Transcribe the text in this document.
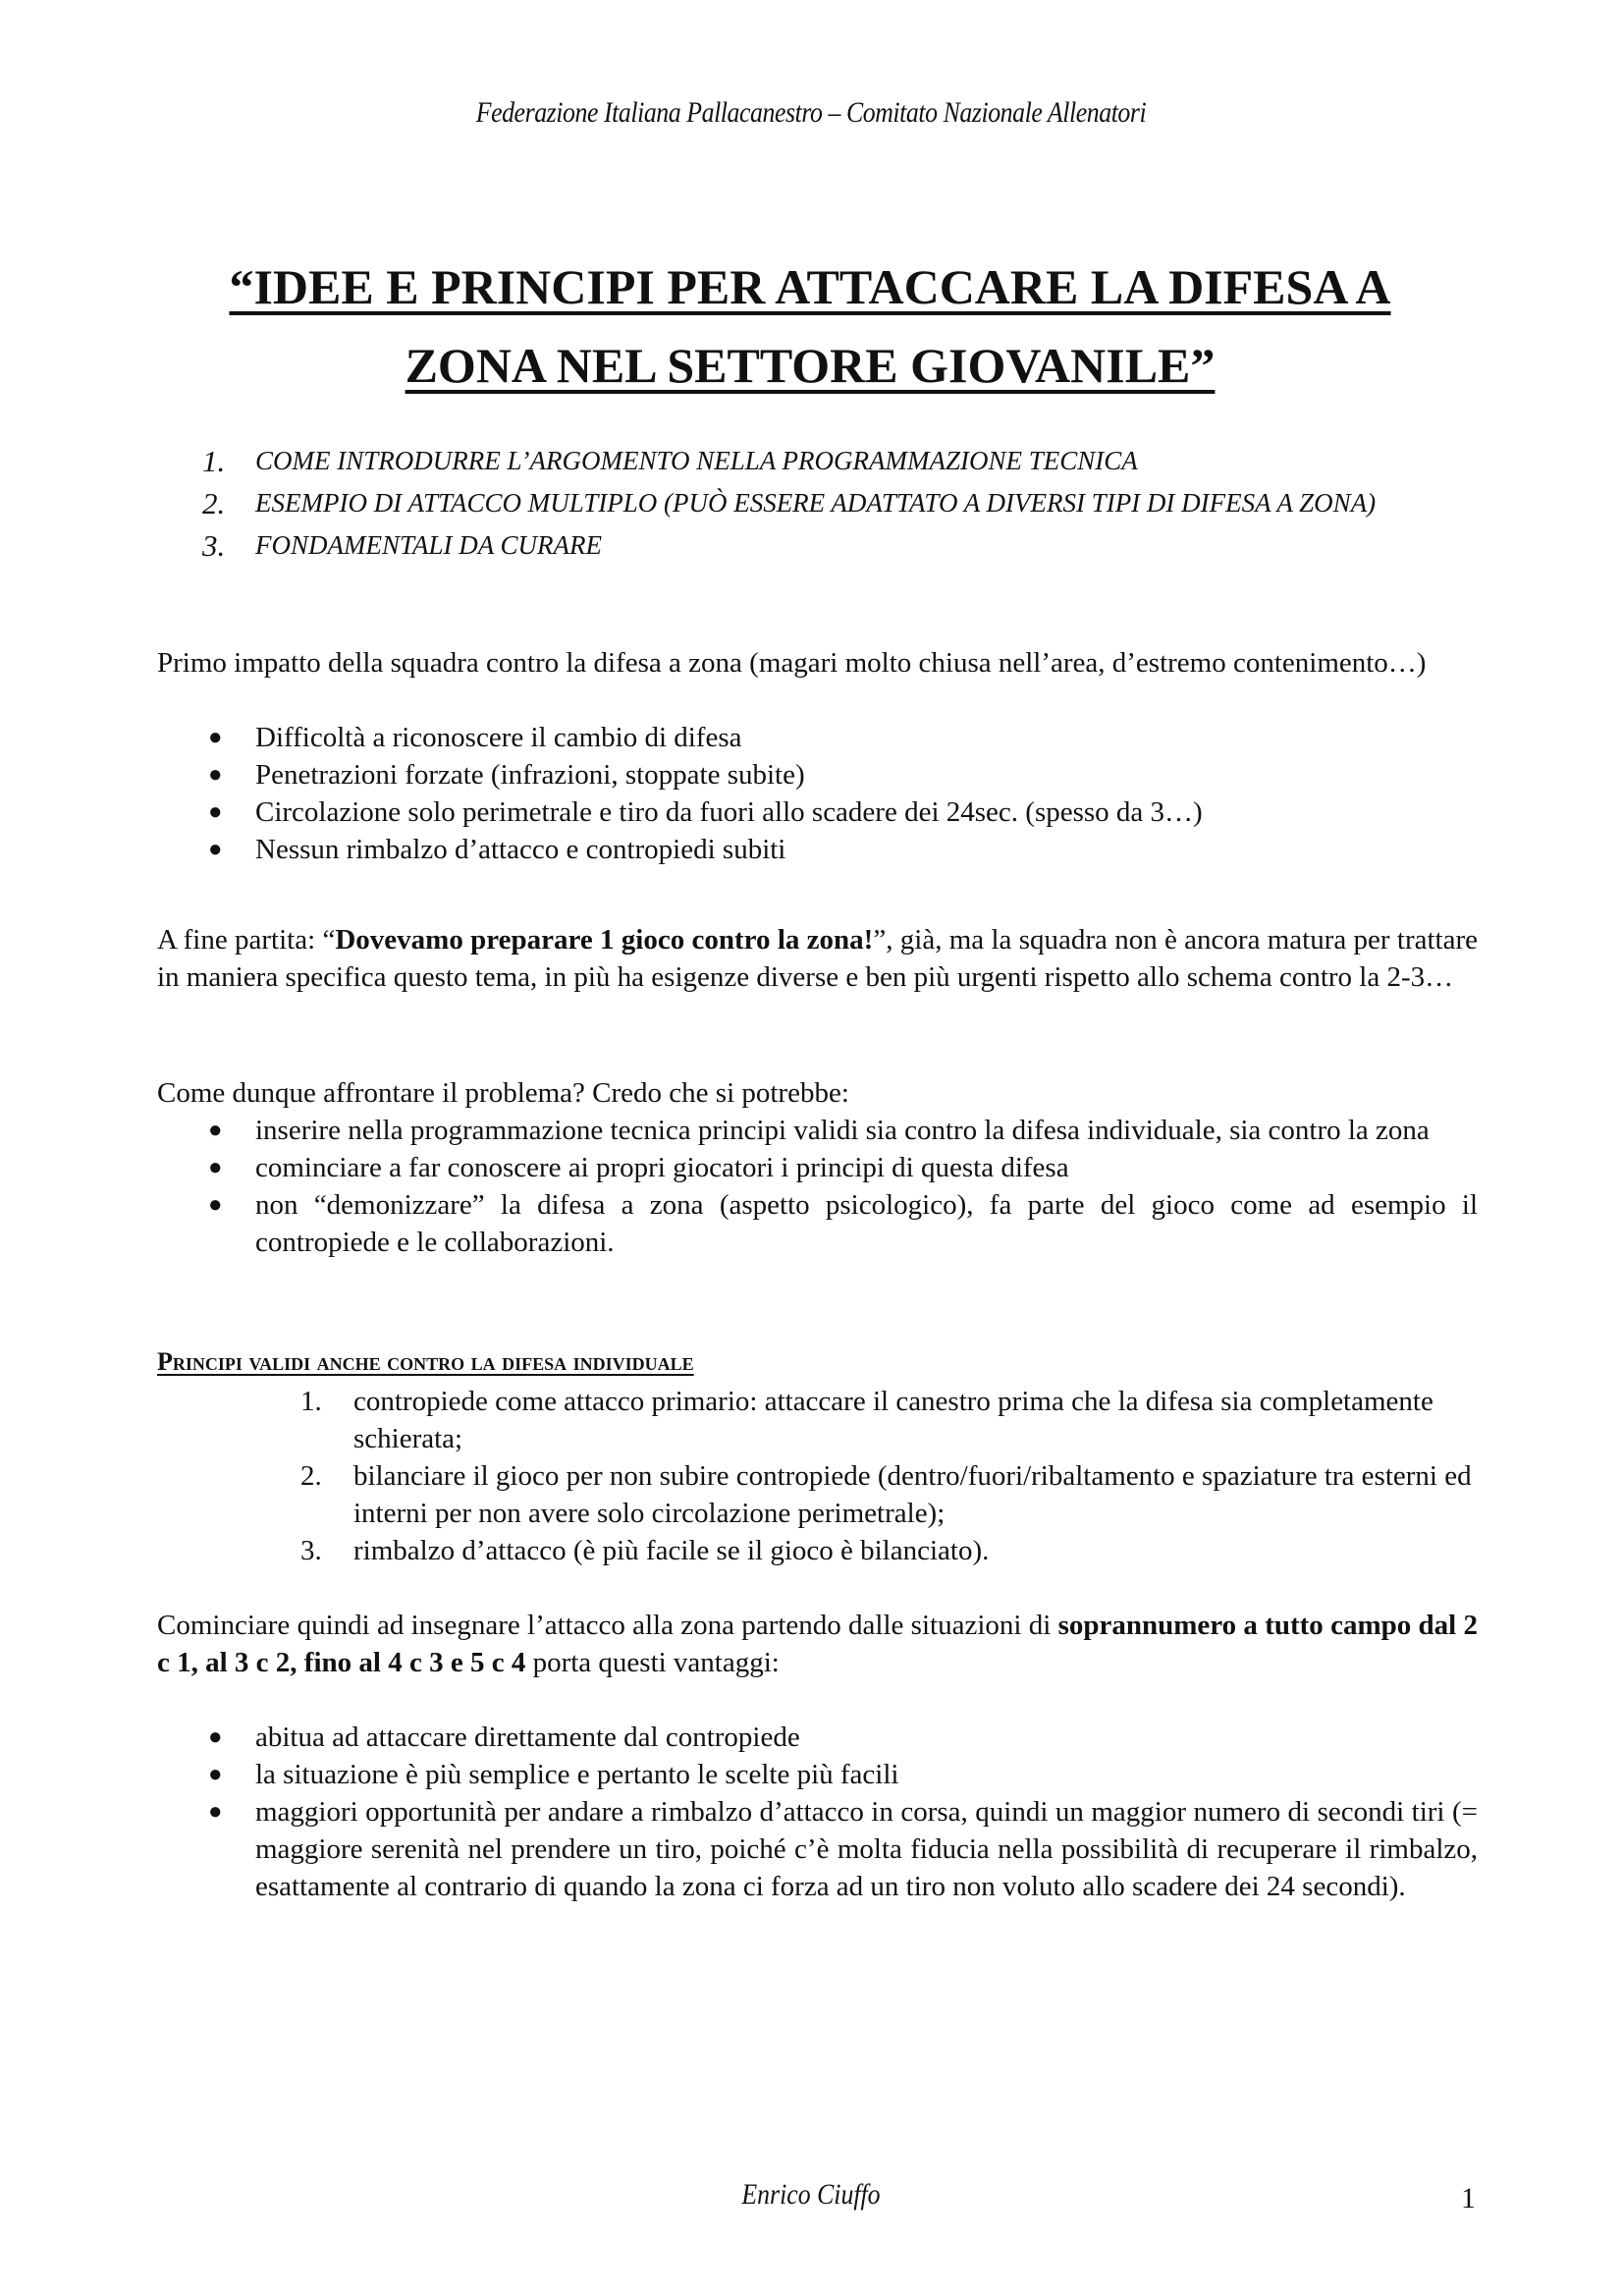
Federazione Italiana Pallacanestro – Comitato Nazionale Allenatori
“IDEE E PRINCIPI PER ATTACCARE LA DIFESA A
ZONA NEL SETTORE GIOVANILE”
1.	COME INTRODURRE L’ARGOMENTO NELLA PROGRAMMAZIONE TECNICA
2.	ESEMPIO DI ATTACCO MULTIPLO (PUÒ ESSERE ADATTATO A DIVERSI TIPI DI DIFESA A ZONA)
3.	FONDAMENTALI DA CURARE
Primo impatto della squadra contro la difesa a zona (magari molto chiusa nell’area, d’estremo contenimento…)
● Difficoltà a riconoscere il cambio di difesa
● Penetrazioni forzate (infrazioni, stoppate subite)
● Circolazione solo perimetrale e tiro da fuori allo scadere dei 24sec. (spesso da 3…)
● Nessun rimbalzo d’attacco e contropiedi subiti
A fine partita: “Dovevamo preparare 1 gioco contro la zona!”, già, ma la squadra non è ancora matura per trattare in maniera specifica questo tema, in più ha esigenze diverse e ben più urgenti rispetto allo schema contro la 2-3…
Come dunque affrontare il problema? Credo che si potrebbe:
● inserire nella programmazione tecnica principi validi sia contro la difesa individuale, sia contro la zona
● cominciare a far conoscere ai propri giocatori i principi di questa difesa
● non “demonizzare” la difesa a zona (aspetto psicologico), fa parte del gioco come ad esempio il contropiede e le collaborazioni.
Principi validi anche contro la difesa individuale
1. contropiede come attacco primario: attaccare il canestro prima che la difesa sia completamente schierata;
2. bilanciare il gioco per non subire contropiede (dentro/fuori/ribaltamento e spaziature tra esterni ed interni per non avere solo circolazione perimetrale);
3. rimbalzo d’attacco (è più facile se il gioco è bilanciato).
Cominciare quindi ad insegnare l’attacco alla zona partendo dalle situazioni di soprannumero a tutto campo dal 2 c 1, al 3 c 2, fino al 4 c 3 e 5 c 4 porta questi vantaggi:
● abitua ad attaccare direttamente dal contropiede
● la situazione è più semplice e pertanto le scelte più facili
● maggiori opportunità per andare a rimbalzo d’attacco in corsa, quindi un maggior numero di secondi tiri (= maggiore serenità nel prendere un tiro, poiché c’è molta fiducia nella possibilità di recuperare il rimbalzo, esattamente al contrario di quando la zona ci forza ad un tiro non voluto allo scadere dei 24 secondi).
Enrico Ciuffo	1
